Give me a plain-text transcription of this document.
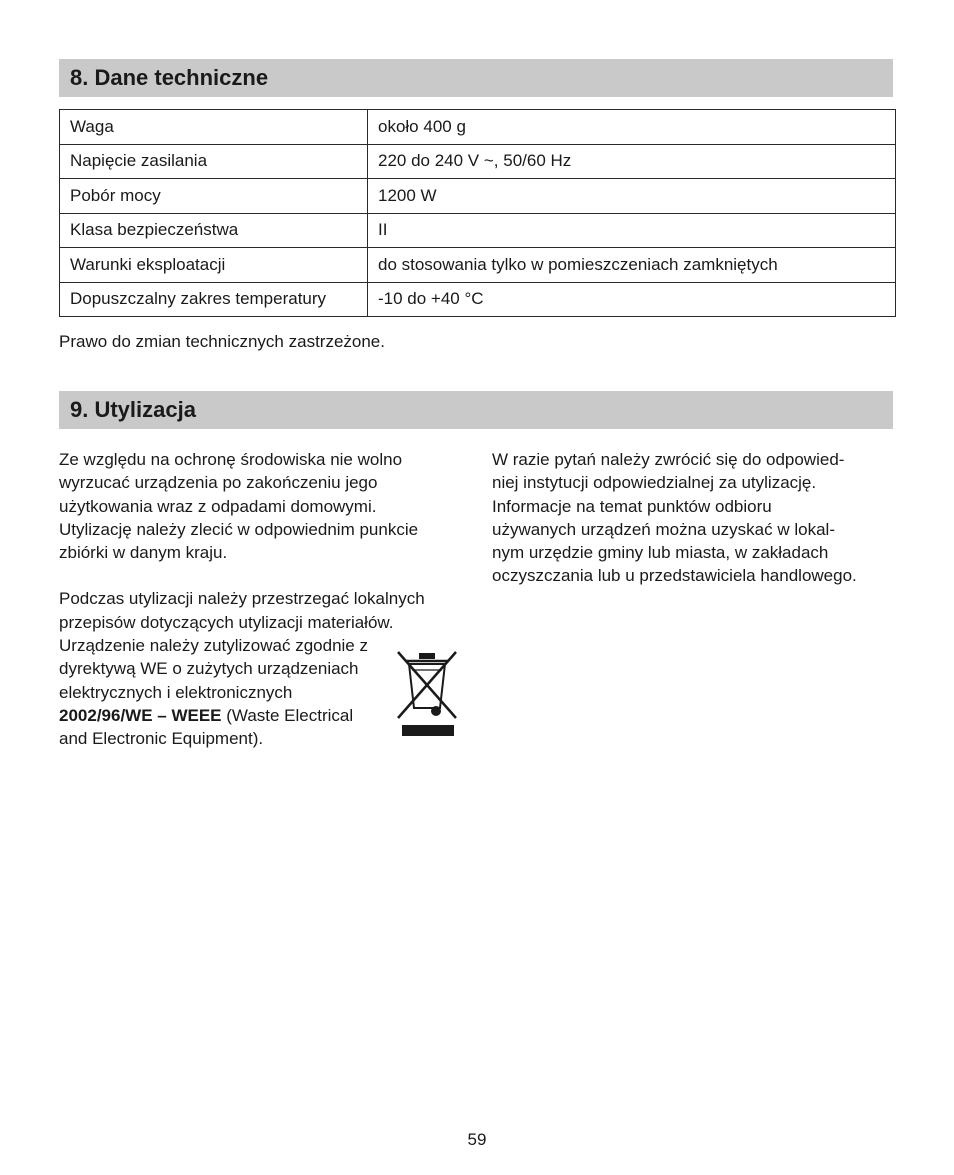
8. Dane techniczne
Waga	około 400 g
Napięcie zasilania	220 do 240 V ~, 50/60 Hz
Pobór mocy	1200 W
Klasa bezpieczeństwa	II
Warunki eksploatacji	do stosowania tylko w pomieszczeniach zamkniętych
Dopuszczalny zakres temperatury	-10 do +40 °C

Prawo do zmian technicznych zastrzeżone.

9. Utylizacja

Ze względu na ochronę środowiska nie wolno
wyrzucać urządzenia po zakończeniu jego
użytkowania wraz z odpadami domowymi.
Utylizację należy zlecić w odpowiednim punkcie
zbiórki w danym kraju.

Podczas utylizacji należy przestrzegać lokalnych
przepisów dotyczących utylizacji materiałów.
Urządzenie należy zutylizować zgodnie z
dyrektywą WE o zużytych urządzeniach
elektrycznych i elektronicznych
2002/96/WE – WEEE (Waste Electrical
and Electronic Equipment).

W razie pytań należy zwrócić się do odpowied-
niej instytucji odpowiedzialnej za utylizację.
Informacje na temat punktów odbioru
używanych urządzeń można uzyskać w lokal-
nym urzędzie gminy lub miasta, w zakładach
oczyszczania lub u przedstawiciela handlowego.

59
